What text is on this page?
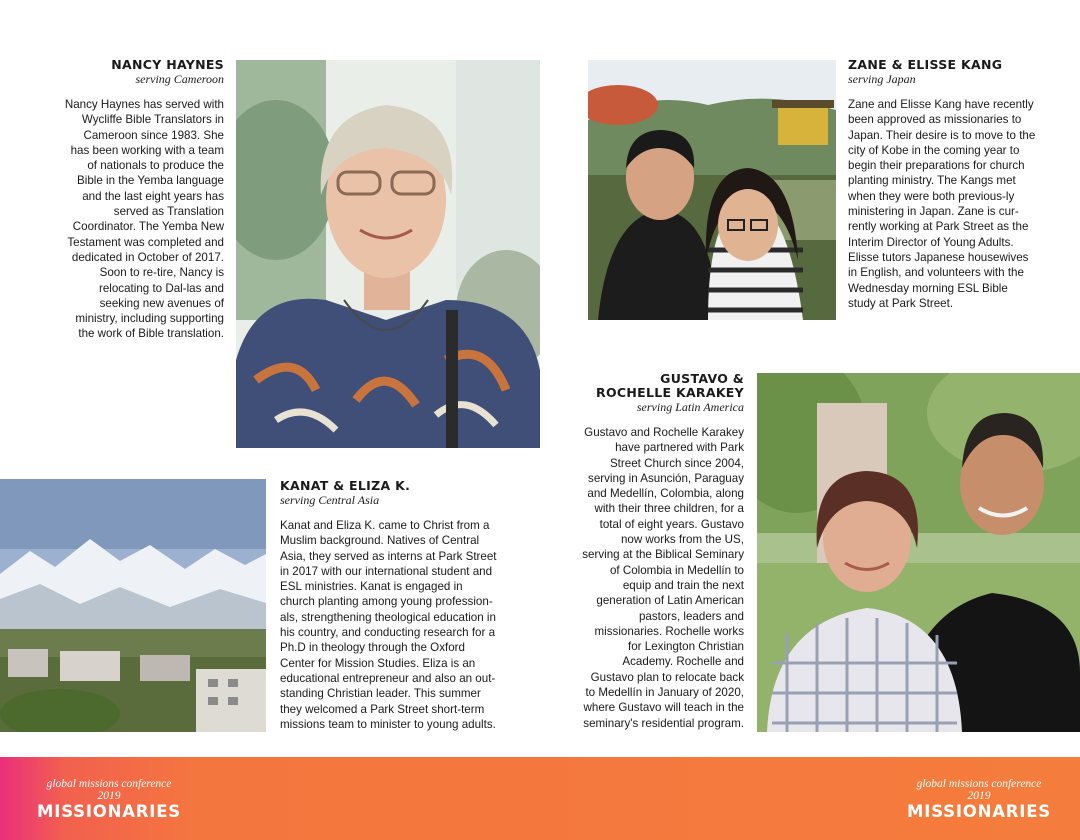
NANCY HAYNES
serving Cameroon
Nancy Haynes has served with Wycliffe Bible Translators in Cameroon since 1983. She has been working with a team of nationals to produce the Bible in the Yemba language and the last eight years has served as Translation Coordinator. The Yemba New Testament was completed and dedicated in October of 2017. Soon to re-tire, Nancy is relocating to Dal-las and seeking new avenues of ministry, including supporting the work of Bible translation.
ZANE & ELISSE KANG
serving Japan
Zane and Elisse Kang have recently been approved as missionaries to Japan. Their desire is to move to the city of Kobe in the coming year to begin their preparations for church planting ministry. The Kangs met when they were both previous-ly ministering in Japan. Zane is cur-rently working at Park Street as the Interim Director of Young Adults. Elisse tutors Japanese housewives in English, and volunteers with the Wednesday morning ESL Bible study at Park Street.
KANAT & ELIZA K.
serving Central Asia
Kanat and Eliza K. came to Christ from a Muslim background. Natives of Central Asia, they served as interns at Park Street in 2017 with our international student and ESL ministries. Kanat is engaged in church planting among young profession-als, strengthening theological education in his country, and conducting research for a Ph.D in theology through the Oxford Center for Mission Studies. Eliza is an educational entrepreneur and also an out-standing Christian leader. This summer they welcomed a Park Street short-term missions team to minister to young adults.
GUSTAVO & ROCHELLE KARAKEY
serving Latin America
Gustavo and Rochelle Karakey have partnered with Park Street Church since 2004, serving in Asunción, Paraguay and Medellín, Colombia, along with their three children, for a total of eight years. Gustavo now works from the US, serving at the Biblical Seminary of Colombia in Medellín to equip and train the next generation of Latin American pastors, leaders and missionaries. Rochelle works for Lexington Christian Academy. Rochelle and Gustavo plan to relocate back to Medellín in January of 2020, where Gustavo will teach in the seminary's residential program.
global missions conference 2019
MISSIONARIES
global missions conference 2019
MISSIONARIES
